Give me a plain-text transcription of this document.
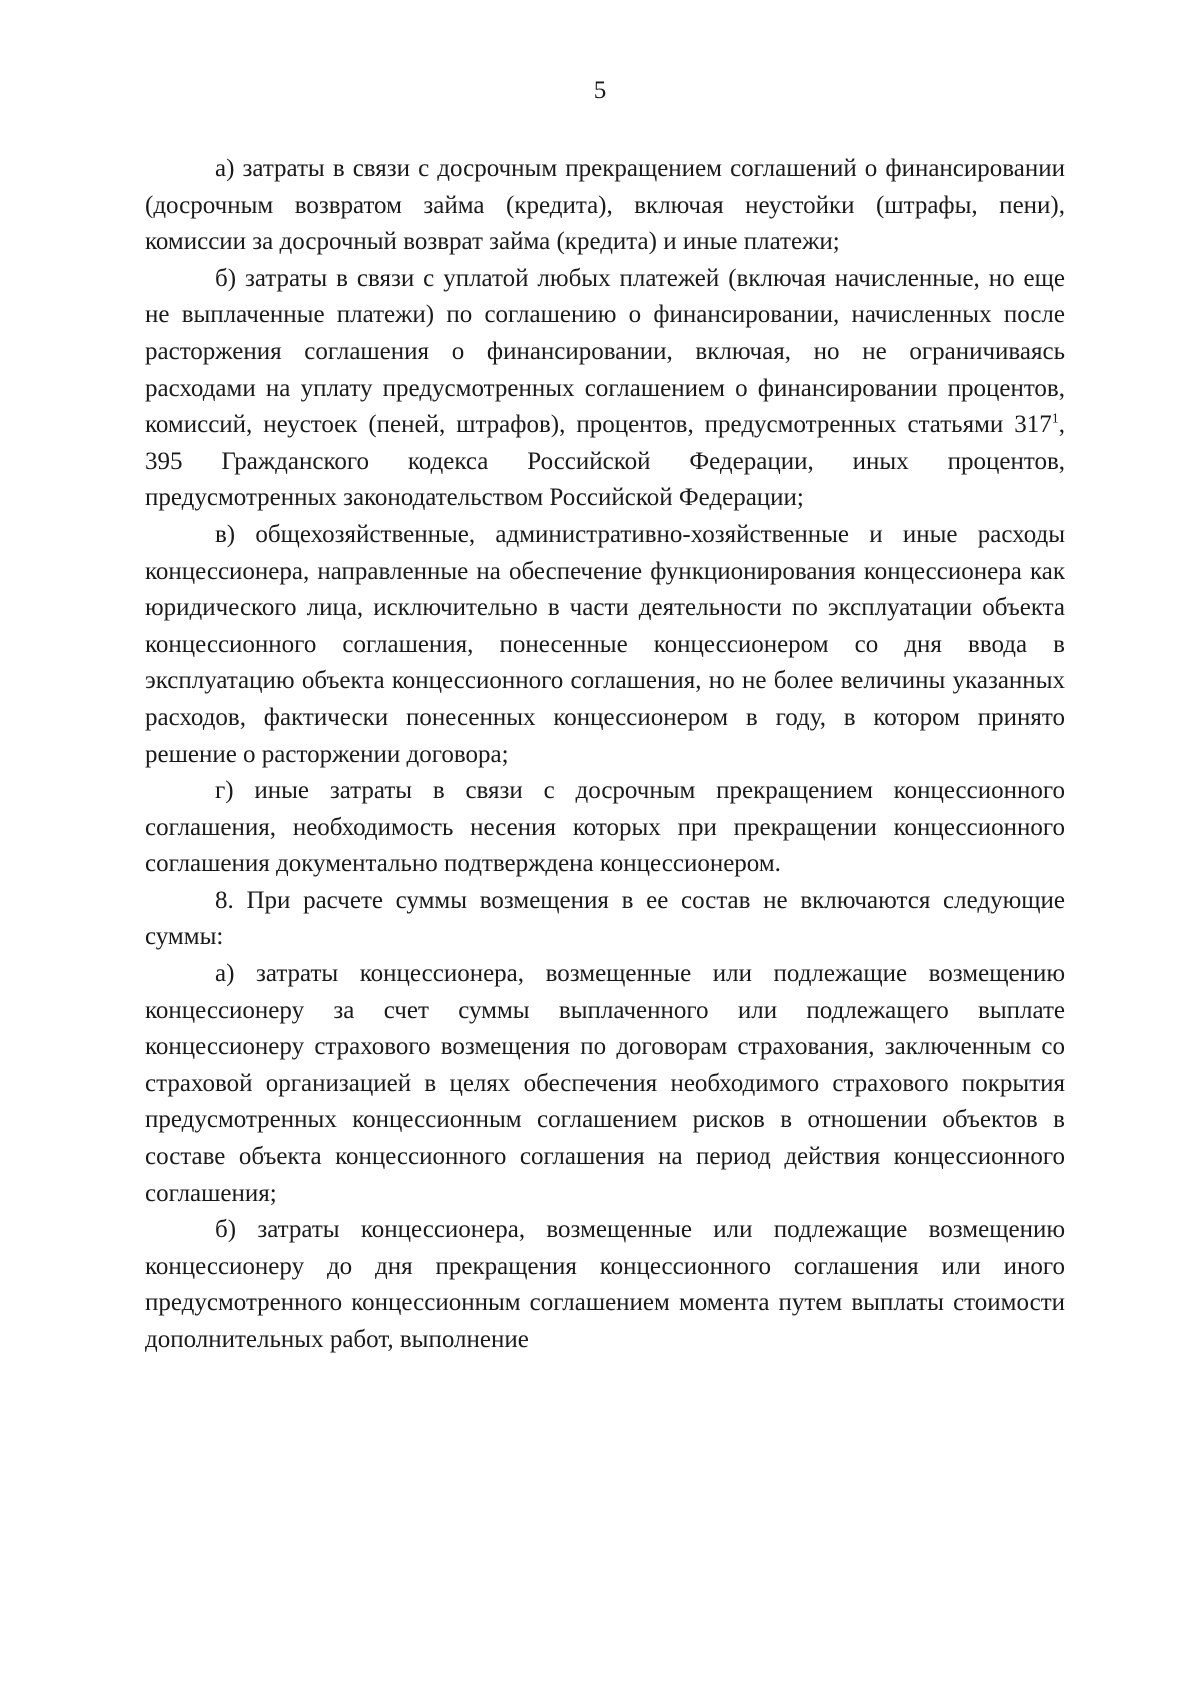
5

а) затраты в связи с досрочным прекращением соглашений о финансировании (досрочным возвратом займа (кредита), включая неустойки (штрафы, пени), комиссии за досрочный возврат займа (кредита) и иные платежи;

б) затраты в связи с уплатой любых платежей (включая начисленные, но еще не выплаченные платежи) по соглашению о финансировании, начисленных после расторжения соглашения о финансировании, включая, но не ограничиваясь расходами на уплату предусмотренных соглашением о финансировании процентов, комиссий, неустоек (пеней, штрафов), процентов, предусмотренных статьями $317^1$, 395 Гражданского кодекса Российской Федерации, иных процентов, предусмотренных законодательством Российской Федерации;

в) общехозяйственные, административно-хозяйственные и иные расходы концессионера, направленные на обеспечение функционирования концессионера как юридического лица, исключительно в части деятельности по эксплуатации объекта концессионного соглашения, понесенные концессионером со дня ввода в эксплуатацию объекта концессионного соглашения, но не более величины указанных расходов, фактически понесенных концессионером в году, в котором принято решение о расторжении договора;

г) иные затраты в связи с досрочным прекращением концессионного соглашения, необходимость несения которых при прекращении концессионного соглашения документально подтверждена концессионером.

8. При расчете суммы возмещения в ее состав не включаются следующие суммы:

а) затраты концессионера, возмещенные или подлежащие возмещению концессионеру за счет суммы выплаченного или подлежащего выплате концессионеру страхового возмещения по договорам страхования, заключенным со страховой организацией в целях обеспечения необходимого страхового покрытия предусмотренных концессионным соглашением рисков в отношении объектов в составе объекта концессионного соглашения на период действия концессионного соглашения;

б) затраты концессионера, возмещенные или подлежащие возмещению концессионеру до дня прекращения концессионного соглашения или иного предусмотренного концессионным соглашением момента путем выплаты стоимости дополнительных работ, выполнение
